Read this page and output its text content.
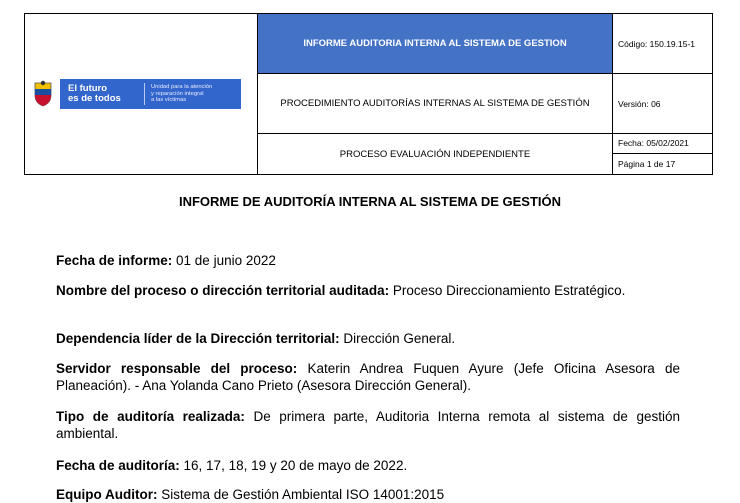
El futuro
es de todos
Unidad para la atención
y reparación integral
a las víctimas	INFORME AUDITORIA INTERNA AL SISTEMA DE GESTION	Código: 150.19.15-1
	PROCEDIMIENTO AUDITORÍAS INTERNAS AL SISTEMA DE GESTIÓN	Versión: 06
	PROCESO EVALUACIÓN INDEPENDIENTE	Fecha: 05/02/2021
Página 1 de 17
INFORME DE AUDITORÍA INTERNA AL SISTEMA DE GESTIÓN
Fecha de informe: 01 de junio 2022
Nombre del proceso o dirección territorial auditada: Proceso Direccionamiento Estratégico.
Dependencia líder de la Dirección territorial: Dirección General.
Servidor responsable del proceso: Katerin Andrea Fuquen Ayure (Jefe Oficina Asesora de Planeación). - Ana Yolanda Cano Prieto (Asesora Dirección General).
Tipo de auditoría realizada: De primera parte, Auditoria Interna remota al sistema de gestión ambiental.
Fecha de auditoría: 16, 17, 18, 19 y 20 de mayo de 2022.
Equipo Auditor: Sistema de Gestión Ambiental ISO 14001:2015
